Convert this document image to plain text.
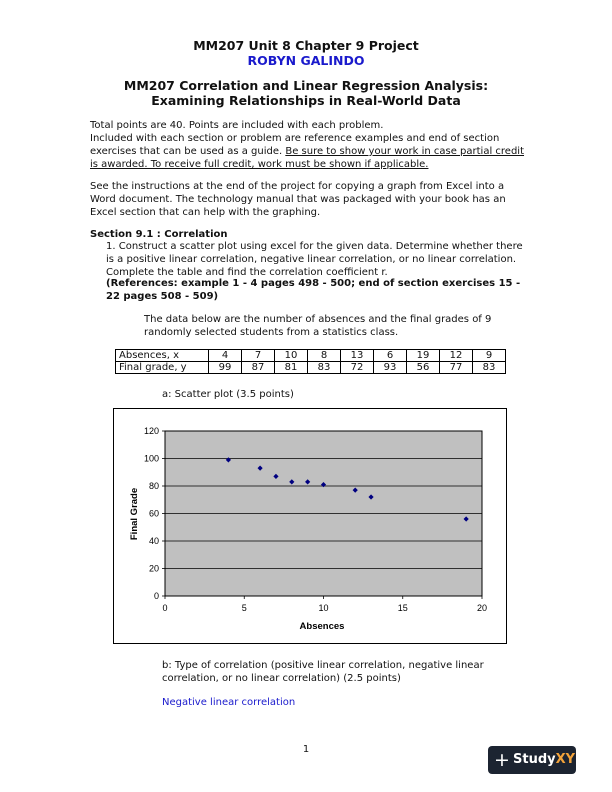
MM207 Unit 8 Chapter 9 Project
ROBYN GALINDO
MM207 Correlation and Linear Regression Analysis: Examining Relationships in Real-World Data
Total points are 40. Points are included with each problem.
Included with each section or problem are reference examples and end of section exercises that can be used as a guide. Be sure to show your work in case partial credit is awarded. To receive full credit, work must be shown if applicable.
See the instructions at the end of the project for copying a graph from Excel into a Word document. The technology manual that was packaged with your book has an Excel section that can help with the graphing.
Section 9.1 : Correlation
1. Construct a scatter plot using excel for the given data. Determine whether there is a positive linear correlation, negative linear correlation, or no linear correlation. Complete the table and find the correlation coefficient r.
(References: example 1 - 4 pages 498 - 500; end of section exercises 15 - 22 pages 508 - 509)
The data below are the number of absences and the final grades of 9 randomly selected students from a statistics class.
Absences, x	4	7	10	8	13	6	19	12	9
Final grade, y	99	87	81	83	72	93	56	77	83
a: Scatter plot (3.5 points)
0
20
40
60
80
100
120
0	5	10	15	20
Absences
Final Grade
b: Type of correlation (positive linear correlation, negative linear correlation, or no linear correlation) (2.5 points)
Negative linear correlation
1	+ StudyXY
